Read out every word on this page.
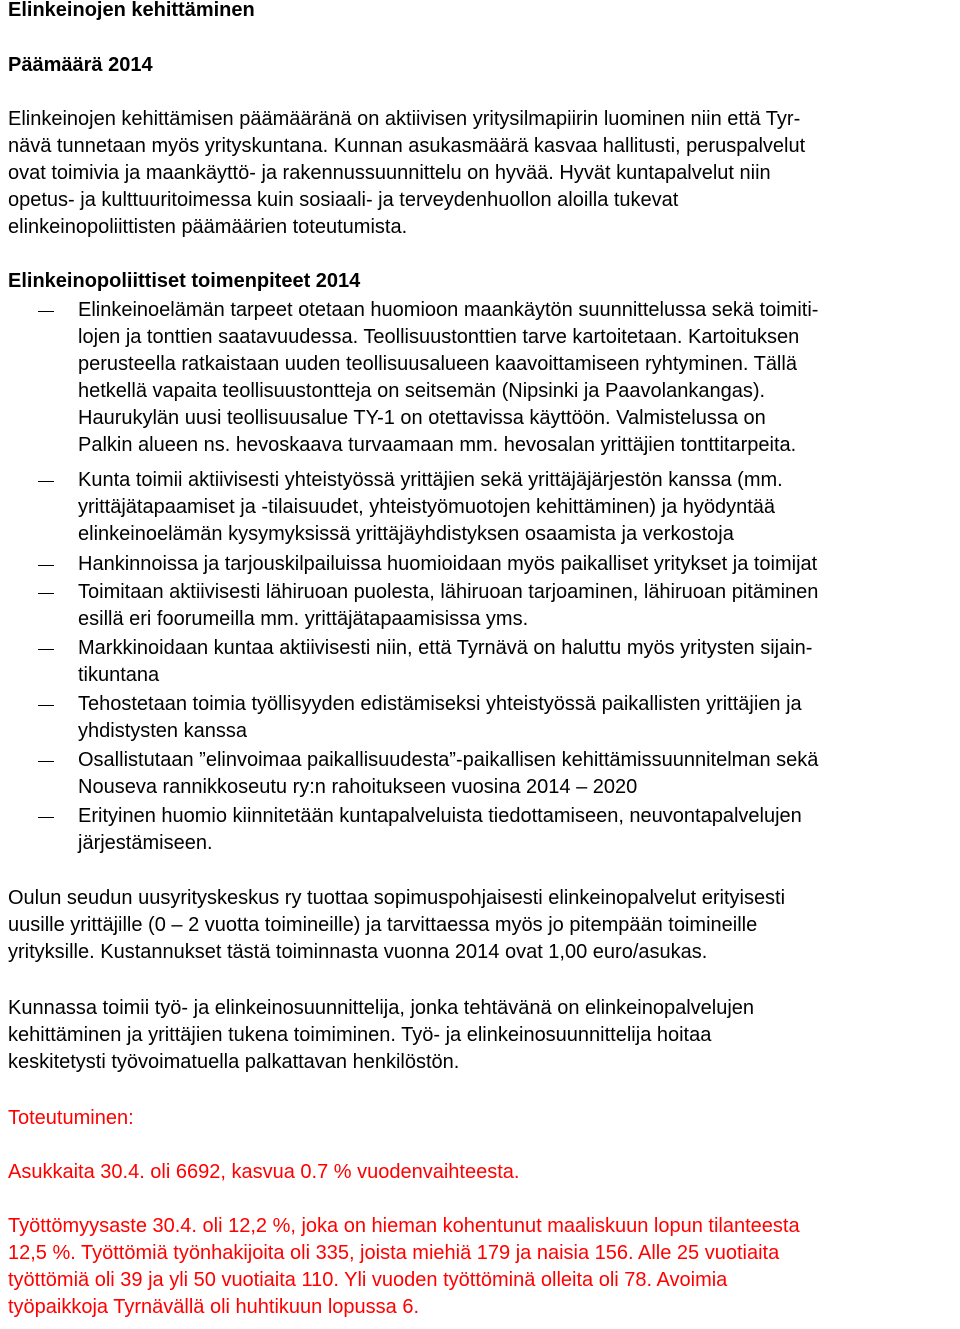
Elinkeinojen kehittäminen
Päämäärä 2014
Elinkeinojen kehittämisen päämääränä on aktiivisen yritysilmapiirin luominen niin että Tyr-
nävä tunnetaan myös yrityskuntana. Kunnan asukasmäärä kasvaa hallitusti, peruspalvelut
ovat toimivia ja maankäyttö- ja rakennussuunnittelu on hyvää. Hyvät kuntapalvelut niin
opetus- ja kulttuuritoimessa kuin sosiaali- ja terveydenhuollon aloilla tukevat
elinkeinopoliittisten päämäärien toteutumista.
Elinkeinopoliittiset toimenpiteet 2014
Elinkeinoelämän tarpeet otetaan huomioon maankäytön suunnittelussa sekä toimiti-
lojen ja tonttien saatavuudessa. Teollisuustonttien tarve kartoitetaan. Kartoituksen
perusteella ratkaistaan uuden teollisuusalueen kaavoittamiseen ryhtyminen. Tällä
hetkellä vapaita teollisuustontteja on seitsemän (Nipsinki ja Paavolankangas).
Haurukylän uusi teollisuusalue TY-1 on otettavissa käyttöön. Valmistelussa on
Palkin alueen ns. hevoskaava turvaamaan mm. hevosalan yrittäjien tonttitarpeita.
Kunta toimii aktiivisesti yhteistyössä yrittäjien sekä yrittäjäjärjestön kanssa (mm.
yrittäjätapaamiset ja -tilaisuudet, yhteistyömuotojen kehittäminen) ja hyödyntää
elinkeinoelämän kysymyksissä yrittäjäyhdistyksen osaamista ja verkostoja
Hankinnoissa ja tarjouskilpailuissa huomioidaan myös paikalliset yritykset ja toimijat
Toimitaan aktiivisesti lähiruoan puolesta, lähiruoan tarjoaminen, lähiruoan pitäminen
esillä eri foorumeilla mm. yrittäjätapaamisissa yms.
Markkinoidaan kuntaa aktiivisesti niin, että Tyrnävä on haluttu myös yritysten sijain-
tikuntana
Tehostetaan toimia työllisyyden edistämiseksi yhteistyössä paikallisten yrittäjien ja
yhdistysten kanssa
Osallistutaan ”elinvoimaa paikallisuudesta”-paikallisen kehittämissuunnitelman sekä
Nouseva rannikkoseutu ry:n rahoitukseen vuosina 2014 – 2020
Erityinen huomio kiinnitetään kuntapalveluista tiedottamiseen, neuvontapalvelujen
järjestämiseen.
Oulun seudun uusyrityskeskus ry tuottaa sopimuspohjaisesti elinkeinopalvelut erityisesti
uusille yrittäjille (0 – 2 vuotta toimineille) ja tarvittaessa myös jo pitempään toimineille
yrityksille. Kustannukset tästä toiminnasta vuonna 2014 ovat 1,00 euro/asukas.
Kunnassa toimii työ- ja elinkeinosuunnittelija, jonka tehtävänä on elinkeinopalvelujen
kehittäminen ja yrittäjien tukena toimiminen. Työ- ja elinkeinosuunnittelija hoitaa
keskitetysti työvoimatuella palkattavan henkilöstön.
Toteutuminen:
Asukkaita 30.4. oli 6692, kasvua 0.7 % vuodenvaihteesta.
Työttömyysaste 30.4. oli 12,2 %, joka on hieman kohentunut maaliskuun lopun tilanteesta
12,5 %. Työttömiä työnhakijoita oli 335, joista miehiä 179 ja naisia 156. Alle 25 vuotiaita
työttömiä oli 39 ja yli 50 vuotiaita 110. Yli vuoden työttöminä olleita oli 78. Avoimia
työpaikkoja Tyrnävällä oli huhtikuun lopussa 6.
